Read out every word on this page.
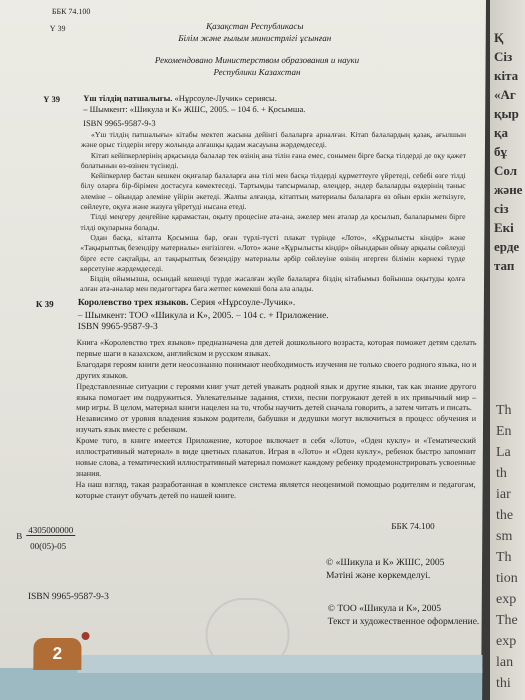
ББК 74.100
Ү 39	Қазақстан Республикасы
Білім және ғылым министрлігі ұсынған
Рекомендовано Министерством образования и науки
Республики Казахстан
Ү 39	Үш тілдің патшалығы. «Нұрсоулe-Лучик» сериясы.
– Шымкент: «Шикула и К» ЖШС, 2005. – 104 б. + Қосымша.
ISBN 9965-9587-9-3
«Үш тілдің патшалығы» кітабы мектеп жасына дейінгі балаларға арналған. Кітап балалардың қазақ, ағылшын және орыс тілдерін игеру жолында алғашқы қадам жасауына жәрдемдеседі.
Кітап кейіпкерлерінің арқасында балалар тек өзінің ана тілін ғана емес, сонымен бірге басқа тілдерді де оқу қажет болатынын өз-өзінен түсінеді.
Кейіпкерлер бастан кешкен оқиғалар балаларға ана тілі мен басқа тілдерді құрметтеуге үйретеді, себебі өзге тілді білу оларға бір-бірімен достасуға көмектеседі. Тартымды тапсырмалар, өлеңдер, әндер балаларды өздерінің таныс әлеміне – ойындар әлеміне үйірін әкетеді. Жалпы алғанда, кітаптың материалы балаларға өз ойын еркін жеткізуге, сөйлеуге, оқуға және жазуға үйретуді нысана етеді.
Тілді меңгеру деңгейіне қарамастан, оқыту процесіне ата-ана, әжелер мен аталар да қосылып, балаларымен бірге тілді оқуларына болады.
Одан басқа, кітапта Қосымша бар, оған түрлі-түсті плакат түрінде «Лото», «Құрылысты кіндір» және «Тақырыптық безендіру материалы» енгізілген. «Лото» және «Құрылысты кіндір» ойындарын ойнау арқылы сөйлеуді бірге есте сақтайды, ал тақырыптық безендіру материалы әрбір сөйлеуіне өзінің игерген білімін көрнекі түрде көрсетуіне жәрдемдеседі.
Біздің ойымызша, осындай кешенді түрде жасалған жүйе балаларға біздің кітабымыз бойынша оқытуды қолға алған ата-аналар мен педагогтарға бага жетпес көмекші бола ала алады.
К 39	Королевство трех языков. Серия «Нұрсоулe-Лучик».
– Шымкент: ТОО «Шикула и К», 2005. – 104 с. + Приложение.
ISBN 9965-9587-9-3
Книга «Королевство трех языков» предназначена для детей дошкольного возраста, которая поможет детям сделать первые шаги в казахском, английском и русском языках.
Благодаря героям книги дети неосознанно понимают необходимость изучения не только своего родного языка, но и других языков.
Представленные ситуации с героями книг учат детей уважать родной язык и другие языки, так как знание другого языка помогает им подружиться. Увлекательные задания, стихи, песни погружают детей в их привычный мир – мир игры. В целом, материал книги нацелен на то, чтобы научить детей сначала говорить, а затем читать и писать.
Независимо от уровня владения языком родители, бабушки и дедушки могут включиться в процесс обучения и изучать язык вместе с ребенком.
Кроме того, в книге имеется Приложение, которое включает в себя «Лото», «Оден куклу» и «Тематический иллюстративный материал» в виде цветных плакатов. Играя в «Лото» и «Оден куклу», ребенок быстро запомнит новые слова, а тематический иллюстративный материал поможет каждому ребенку продемонстрировать усвоенные знания.
На наш взгляд, такая разработанная в комплексе система является неоценимой помощью родителям и педагогам, которые станут обучать детей по нашей книге.
В
4305000000
00(05)-05
ISBN 9965-9587-9-3
ББК 74.100
© «Шикула и К» ЖШС, 2005
Мәтіні және көркемделуі.
© ТОО «Шикула и К», 2005
Текст и художественное оформление.
2
Қ
Сіз
кіта
«Аг
қыр
қа
бұ
Сол
және
сіз
Екі
ерде
тап
Th
En
La
th
iar
the
sm
Th
tion
exp
The
exp
lan
thi
